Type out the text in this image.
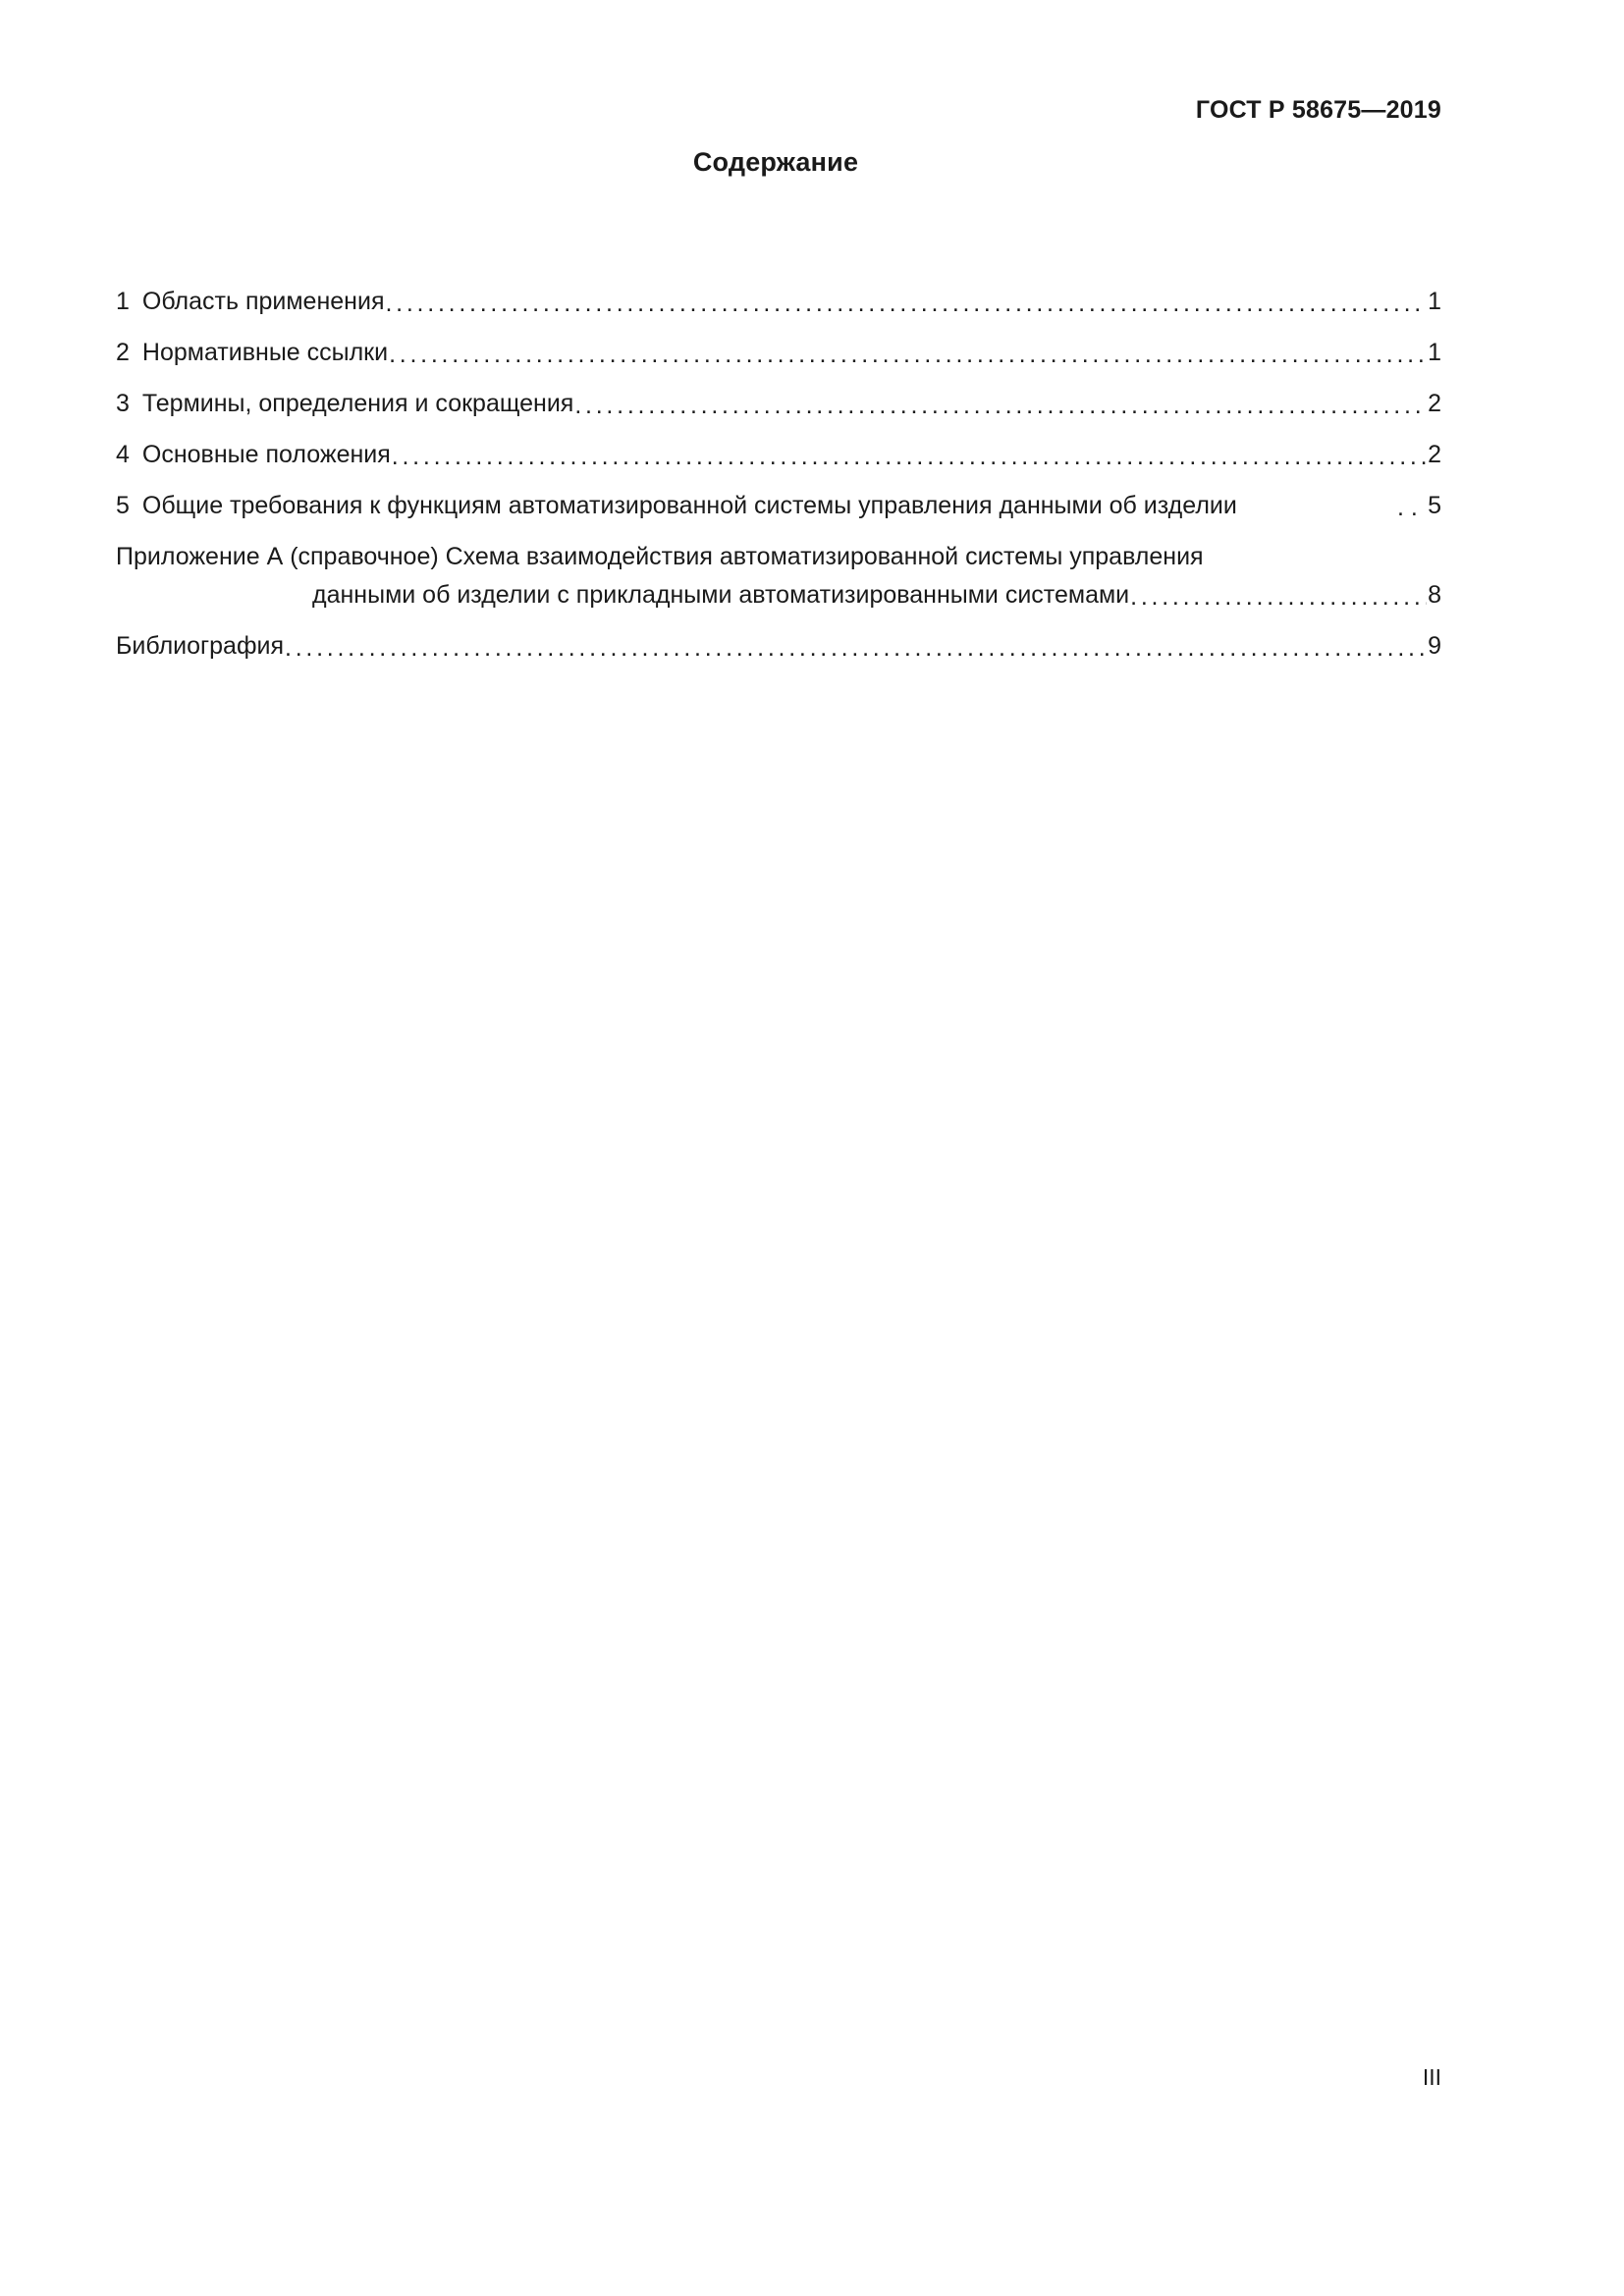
ГОСТ Р 58675—2019
Содержание
1 Область применения . . .	1
2 Нормативные ссылки . . .	1
3 Термины, определения и сокращения . . .	2
4 Основные положения . . .	2
5 Общие требования к функциям автоматизированной системы управления данными об изделии . . .	5
Приложение А (справочное) Схема взаимодействия автоматизированной системы управления
данными об изделии с прикладными автоматизированными системами . . .	8
Библиография . . .	9
III
